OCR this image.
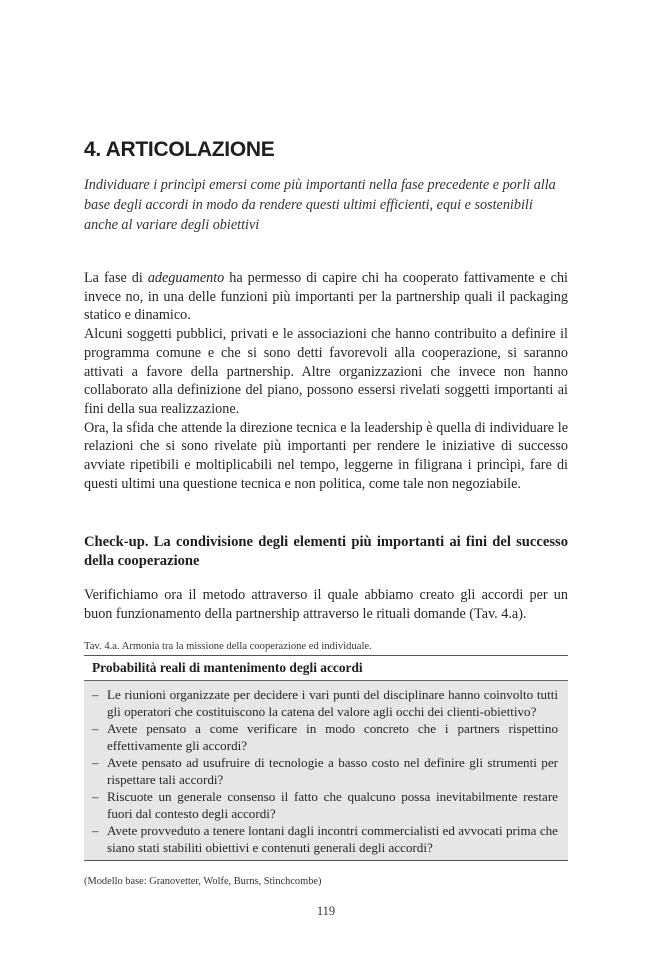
4. ARTICOLAZIONE
Individuare i princìpi emersi come più importanti nella fase precedente e porli alla base degli accordi in modo da rendere questi ultimi efficienti, equi e sostenibili anche al variare degli obiettivi

La fase di adeguamento ha permesso di capire chi ha cooperato fattivamente e chi invece no, in una delle funzioni più importanti per la partnership quali il packaging statico e dinamico.

Alcuni soggetti pubblici, privati e le associazioni che hanno contribuito a definire il programma comune e che si sono detti favorevoli alla cooperazione, si saranno attivati a favore della partnership. Altre organizzazioni che invece non hanno collaborato alla definizione del piano, possono essersi rivelati soggetti importanti ai fini della sua realizzazione.

Ora, la sfida che attende la direzione tecnica e la leadership è quella di individuare le relazioni che si sono rivelate più importanti per rendere le iniziative di successo avviate ripetibili e moltiplicabili nel tempo, leggerne in filigrana i princìpi, fare di questi ultimi una questione tecnica e non politica, come tale non negoziabile.

Check-up. La condivisione degli elementi più importanti ai fini del successo della cooperazione
Verifichiamo ora il metodo attraverso il quale abbiamo creato gli accordi per un buon funzionamento della partnership attraverso le rituali domande (Tav. 4.a).
Tav. 4.a. Armonia tra la missione della cooperazione ed individuale.
Probabilità reali di mantenimento degli accordi
– Le riunioni organizzate per decidere i vari punti del disciplinare hanno coinvolto tutti gli operatori che costituiscono la catena del valore agli occhi dei clienti-obiettivo?
– Avete pensato a come verificare in modo concreto che i partners rispettino effettivamente gli accordi?
– Avete pensato ad usufruire di tecnologie a basso costo nel definire gli strumenti per rispettare tali accordi?
– Riscuote un generale consenso il fatto che qualcuno possa inevitabilmente restare fuori dal contesto degli accordi?
– Avete provveduto a tenere lontani dagli incontri commercialisti ed avvocati prima che siano stati stabiliti obiettivi e contenuti generali degli accordi?
(Modello base: Granovetter, Wolfe, Burns, Stinchcombe)
119
